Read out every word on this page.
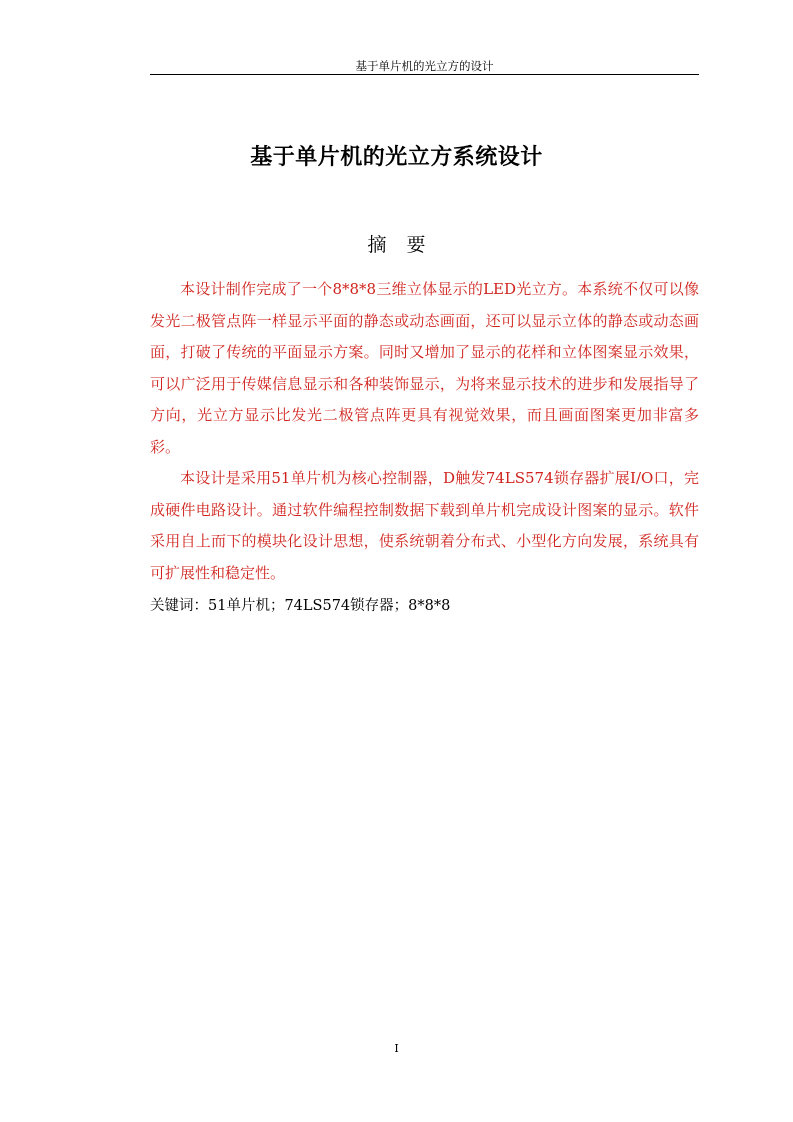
基于单片机的光立方的设计
基于单片机的光立方系统设计
摘要

本设计制作完成了一个8*8*8三维立体显示的LED光立方。本系统不仅可以像发光二极管点阵一样显示平面的静态或动态画面，还可以显示立体的静态或动态画面，打破了传统的平面显示方案。同时又增加了显示的花样和立体图案显示效果，可以广泛用于传媒信息显示和各种装饰显示，为将来显示技术的进步和发展指导了方向，光立方显示比发光二极管点阵更具有视觉效果，而且画面图案更加非富多彩。

本设计是采用51单片机为核心控制器，D触发74LS574锁存器扩展I/O口，完成硬件电路设计。通过软件编程控制数据下载到单片机完成设计图案的显示。软件采用自上而下的模块化设计思想，使系统朝着分布式、小型化方向发展，系统具有可扩展性和稳定性。

关键词：51单片机；74LS574锁存器；8*8*8

I
